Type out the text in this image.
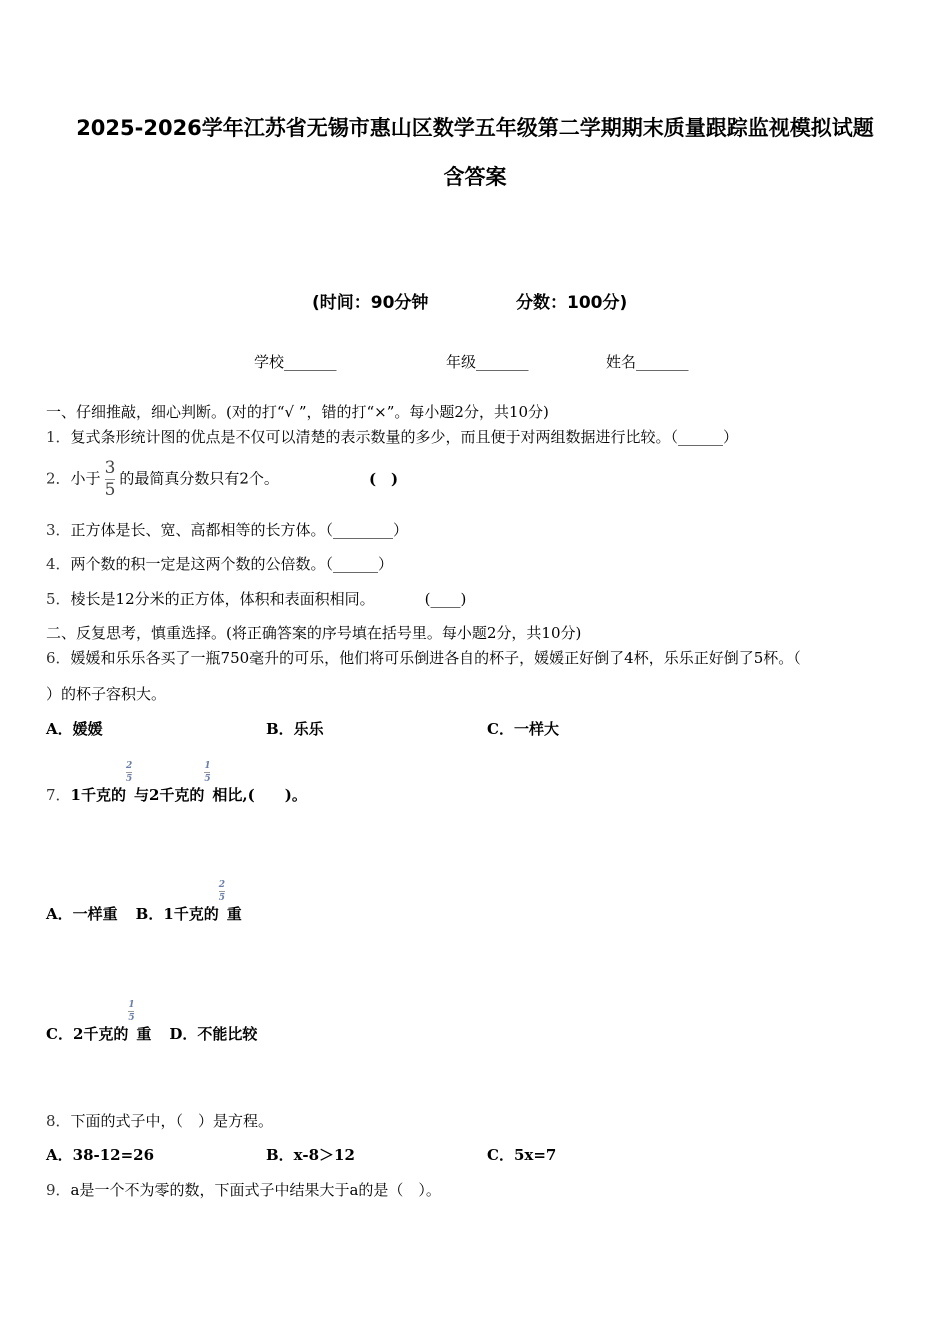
2025-2026学年江苏省无锡市惠山区数学五年级第二学期期末质量跟踪监视模拟试题
含答案
(时间：90分钟	分数：100分)
学校_______	年级_______	姓名_______
一、仔细推敲，细心判断。(对的打“√ ”，错的打“×”。每小题2分，共10分)
1．复式条形统计图的优点是不仅可以清楚的表示数量的多少，而且便于对两组数据进行比较。（______）
2．小于 $\frac{3}{5}$ 的最简真分数只有2个。	(　)
3．正方体是长、宽、高都相等的长方体。（________）
4．两个数的积一定是这两个数的公倍数。（______）
5．棱长是12分米的正方体，体积和表面积相同。	(____)
二、反复思考，慎重选择。(将正确答案的序号填在括号里。每小题2分，共10分)
6．媛媛和乐乐各买了一瓶750毫升的可乐，他们将可乐倒进各自的杯子，媛媛正好倒了4杯，乐乐正好倒了5杯。（
）的杯子容积大。
A．媛媛	B．乐乐	C．一样大
7．1千克的 $\frac{2}{5}$ 与2千克的 $\frac{1}{5}$ 相比,(　　)。
A．一样重 B．1千克的 $\frac{2}{5}$ 重
C．2千克的 $\frac{1}{5}$ 重 D．不能比较
8．下面的式子中，（　）是方程。
A．38-12=26	B．x-8＞12	C．5x=7
9．a是一个不为零的数，下面式子中结果大于a的是（　）。
